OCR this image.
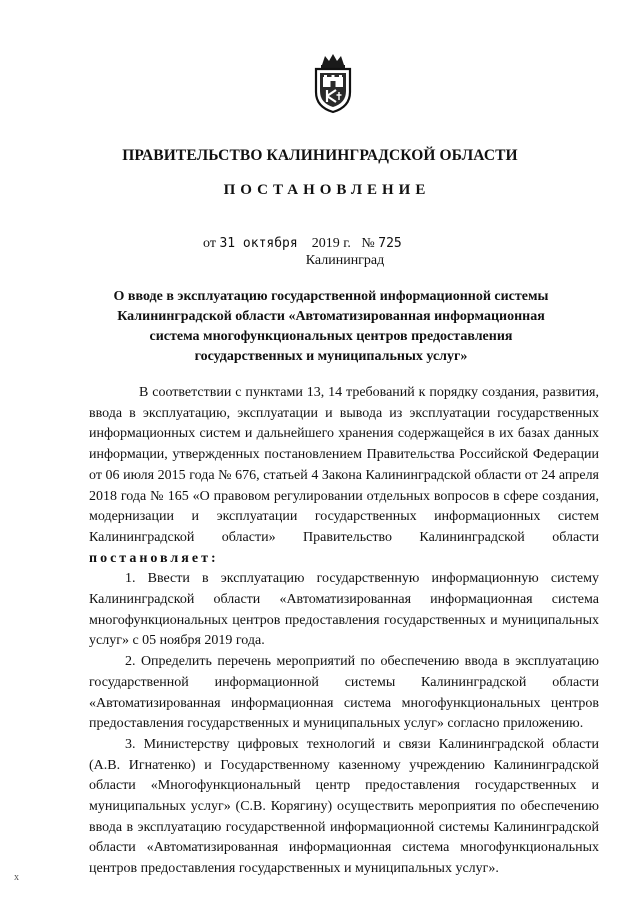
ПРАВИТЕЛЬСТВО КАЛИНИНГРАДСКОЙ ОБЛАСТИ
ПОСТАНОВЛЕНИЕ
от 31 октября 2019 г. № 725
Калининград
О вводе в эксплуатацию государственной информационной системы
Калининградской области «Автоматизированная информационная
система многофункциональных центров предоставления
государственных и муниципальных услуг»

В соответствии с пунктами 13, 14 требований к порядку создания, развития, ввода в эксплуатацию, эксплуатации и вывода из эксплуатации государственных информационных систем и дальнейшего хранения содержащейся в их базах данных информации, утвержденных постановлением Правительства Российской Федерации от 06 июля 2015 года № 676, статьей 4 Закона Калининградской области от 24 апреля 2018 года № 165 «О правовом регулировании отдельных вопросов в сфере создания, модернизации и эксплуатации государственных информационных систем Калининградской области» Правительство Калининградской области постановляет:

1. Ввести в эксплуатацию государственную информационную систему Калининградской области «Автоматизированная информационная система многофункциональных центров предоставления государственных и муниципальных услуг» с 05 ноября 2019 года.

2. Определить перечень мероприятий по обеспечению ввода в эксплуатацию государственной информационной системы Калининградской области «Автоматизированная информационная система многофункциональных центров предоставления государственных и муниципальных услуг» согласно приложению.

3. Министерству цифровых технологий и связи Калининградской области (А.В. Игнатенко) и Государственному казенному учреждению Калининградской области «Многофункциональный центр предоставления государственных и муниципальных услуг» (С.В. Корягину) осуществить мероприятия по обеспечению ввода в эксплуатацию государственной информационной системы Калининградской области «Автоматизированная информационная система многофункциональных центров предоставления государственных и муниципальных услуг».

x
